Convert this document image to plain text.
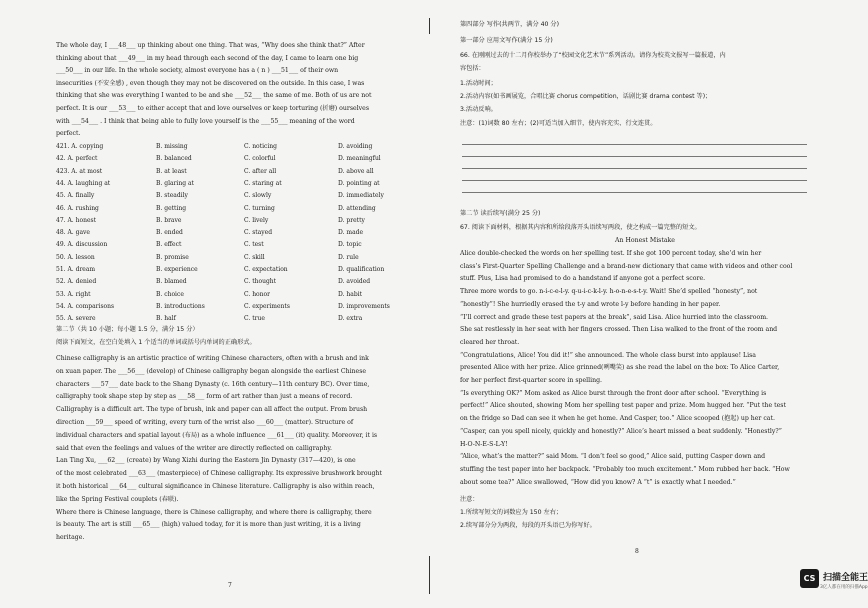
The whole day, I ___48___ up thinking about one thing. That was, “Why does she think that?” After
thinking about that ___49___ in my head through each second of the day, I came to learn one big
___50___ in our life. In the whole society, almost everyone has a ( n ) ___51___ of their own
insecurities (不安全感) , even though they may not be discovered on the outside. In this case, I was
thinking that she was everything I wanted to be and she ___52___ the same of me. Both of us are not
perfect. It is our ___53___ to either accept that and love ourselves or keep torturing (折磨) ourselves
with ___54___ . I think that being able to fully love yourself is the ___55___ meaning of the word
perfect.
421. A. copying	B. missing	C. noticing	D. avoiding
42. A. perfect	B. balanced	C. colorful	D. meaningful
423. A. at most	B. at least	C. after all	D. above all
44. A. laughing at	B. glaring at	C. staring at	D. pointing at
45. A. finally	B. steadily	C. slowly	D. immediately
46. A. rushing	B. getting	C. turning	D. attending
47. A. honest	B. brave	C. lively	D. pretty
48. A. gave	B. ended	C. stayed	D. made
49. A. discussion	B. effect	C. test	D. topic
50. A. lesson	B. promise	C. skill	D. rule
51. A. dream	B. experience	C. expectation	D. qualification
52. A. denied	B. blamed	C. thought	D. avoided
53. A. right	B. choice	C. honor	D. habit
54. A. comparisons	B. introductions	C. experiments	D. improvements
55. A. severe	B. half	C. true	D. extra
第二节（共 10 小题；每小题 1.5 分，满分 15 分）
阅读下面短文，在空白处填入 1 个适当的单词或括号内单词的正确形式。
Chinese calligraphy is an artistic practice of writing Chinese characters, often with a brush and ink
on xuan paper. The ___56___ (develop) of Chinese calligraphy began alongside the earliest Chinese
characters ___57___ date back to the Shang Dynasty (c. 16th century—11th century BC). Over time,
calligraphy took shape step by step as ___58___ form of art rather than just a means of record.
Calligraphy is a difficult art. The type of brush, ink and paper can all affect the output. From brush
direction ___59___ speed of writing, every turn of the wrist also ___60___ (matter). Structure of
individual characters and spatial layout (布局) as a whole influence ___61___ (it) quality. Moreover, it is
said that even the feelings and values of the writer are directly reflected on calligraphy.
Lan Ting Xu, ___62___ (create) by Wang Xizhi during the Eastern Jin Dynasty (317—420), is one
of the most celebrated ___63___ (masterpiece) of Chinese calligraphy. Its expressive brushwork brought
it both historical ___64___ cultural significance in Chinese literature. Calligraphy is also within reach,
like the Spring Festival couplets (春联).
Where there is Chinese language, there is Chinese calligraphy, and where there is calligraphy, there
is beauty. The art is still ___65___ (high) valued today, for it is more than just writing, it is a living
heritage.
7
第四部分 写作(共两节，满分 40 分)
第一部分 应用文写作(满分 15 分)
66. 在刚刚过去的十二月你校举办了“校园文化艺术节”系列活动。请你为校英文报写一篇报道，内
容包括：
1.活动时间；
2.活动内容(如书画展览，合唱比赛 chorus competition，话剧比赛 drama contest 等)；
3.活动反响。
注意：(1)词数 80 左右；(2)可适当加入细节，使内容充实、行文连贯。
第二节 读后续写(满分 25 分)
67. 阅读下面材料，根据其内容和所给段落开头语续写两段，使之构成一篇完整的短文。
An Honest Mistake
Alice double-checked the words on her spelling test. If she got 100 percent today, she’d win her
class’s First-Quarter Spelling Challenge and a brand-new dictionary that came with videos and other cool
stuff. Plus, Lisa had promised to do a handstand if anyone got a perfect score.
Three more words to go. n-i-c-e-l-y. q-u-i-c-k-l-y. h-o-n-e-s-t-y. Wait! She’d spelled “honesty”, not
“honestly”! She hurriedly erased the t-y and wrote l-y before handing in her paper.
“I’ll correct and grade these test papers at the break”, said Lisa. Alice hurried into the classroom.
She sat restlessly in her seat with her fingers crossed. Then Lisa walked to the front of the room and
cleared her throat.
“Congratulations, Alice! You did it!” she announced. The whole class burst into applause! Lisa
presented Alice with her prize. Alice grinned(咧嘴笑) as she read the label on the box: To Alice Carter,
for her perfect first-quarter score in spelling.
“Is everything OK?” Mom asked as Alice burst through the front door after school. “Everything is
perfect!” Alice shouted, showing Mom her spelling test paper and prize. Mom hugged her. “Put the test
on the fridge so Dad can see it when he get home. And Casper, too.” Alice scooped (抱起) up her cat.
“Casper, can you spell nicely, quickly and honestly?” Alice’s heart missed a beat suddenly. “Honestly?”
H-O-N-E-S-L-Y!
“Alice, what’s the matter?” said Mom. “I don’t feel so good,” Alice said, putting Casper down and
stuffing the test paper into her backpack. “Probably too much excitement.” Mom rubbed her back. “How
about some tea?” Alice swallowed, “How did you know? A “t” is exactly what I needed.”
注意：
1.所续写短文的词数应为 150 左右；
2.续写部分分为两段，每段的开头语已为你写好。
8
CS 扫描全能王
3亿人都在用的扫描App
